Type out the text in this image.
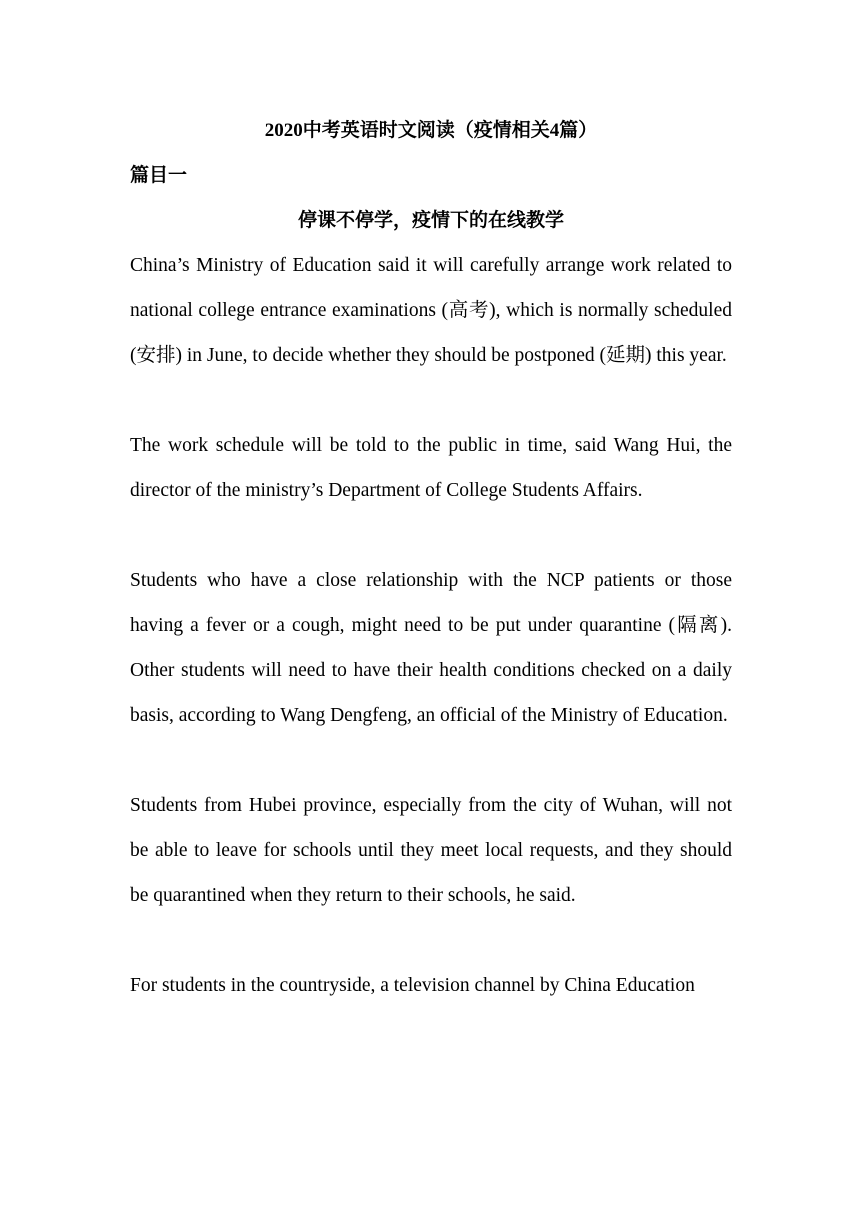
2020中考英语时文阅读（疫情相关4篇）

篇目一

停课不停学，疫情下的在线教学

China’s Ministry of Education said it will carefully arrange work related to national college entrance examinations (高考), which is normally scheduled (安排) in June, to decide whether they should be postponed (延期) this year.

The work schedule will be told to the public in time, said Wang Hui, the director of the ministry’s Department of College Students Affairs.

Students who have a close relationship with the NCP patients or those having a fever or a cough, might need to be put under quarantine (隔离). Other students will need to have their health conditions checked on a daily basis, according to Wang Dengfeng, an official of the Ministry of Education.

Students from Hubei province, especially from the city of Wuhan, will not be able to leave for schools until they meet local requests, and they should be quarantined when they return to their schools, he said.

For students in the countryside, a television channel by China Education
